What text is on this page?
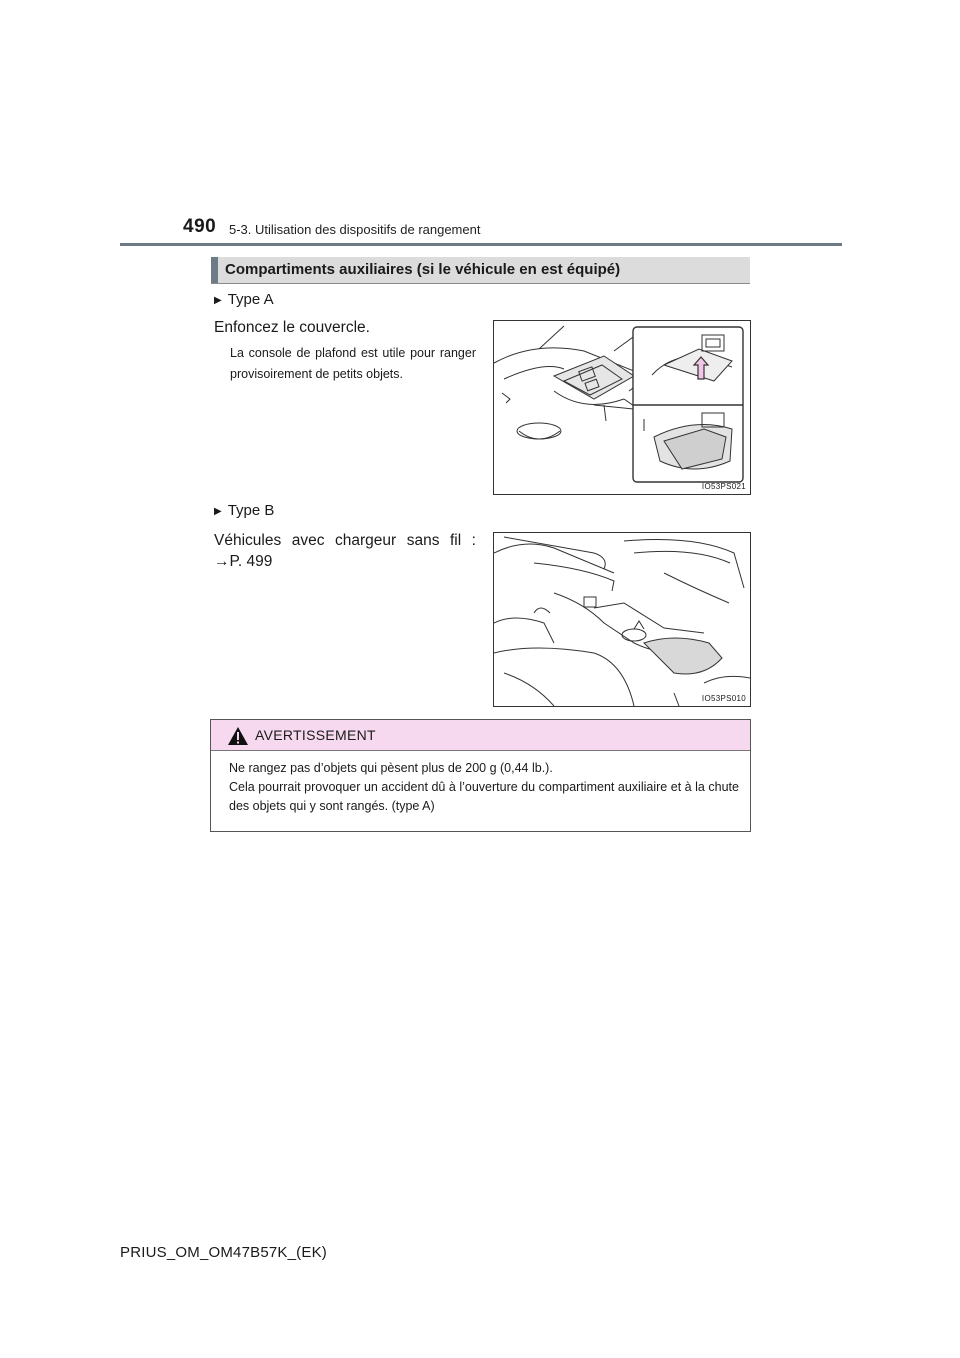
490 5-3. Utilisation des dispositifs de rangement
Compartiments auxiliaires (si le véhicule en est équipé)
▶ Type A
Enfoncez le couvercle.
La console de plafond est utile pour ranger provisoirement de petits objets.
IO53PS021
▶ Type B
Véhicules avec chargeur sans fil :
→P. 499
IO53PS010
AVERTISSEMENT

Ne rangez pas d’objets qui pèsent plus de 200 g (0,44 lb.).

Cela pourrait provoquer un accident dû à l’ouverture du compartiment auxiliaire et à la chute des objets qui y sont rangés. (type A)

PRIUS_OM_OM47B57K_(EK)
